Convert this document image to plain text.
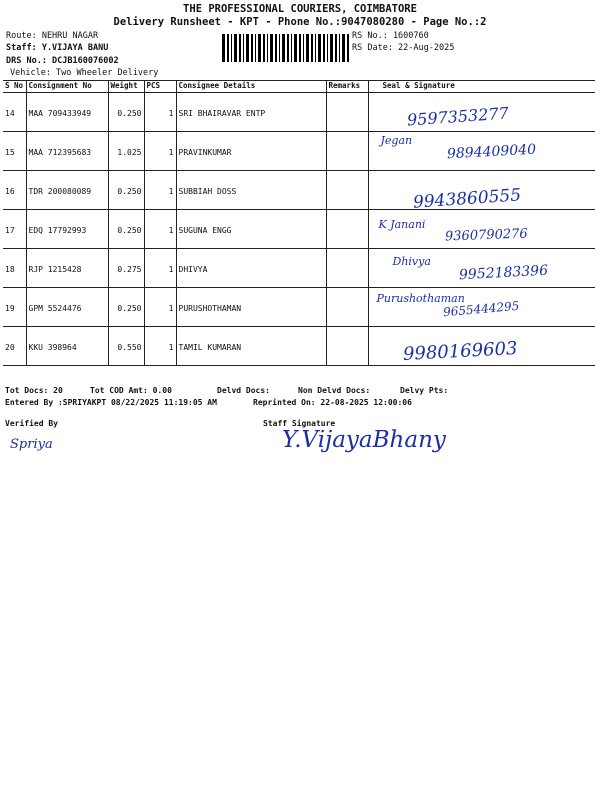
THE PROFESSIONAL COURIERS, COIMBATORE
Delivery Runsheet - KPT - Phone No.:9047080280 - Page No.:2
Route: NEHRU NAGAR
Staff: Y.VIJAYA BANU
DRS No.: DCJB160076002
Vehicle: Two Wheeler Delivery
RS No.: 1600760
RS Date: 22-Aug-2025
S No	Consignment No	Weight	PCS	Consignee Details	Remarks	Seal & Signature
14	MAA 709433949	0.250	1	SRI BHAIRAVAR ENTP		9597353277

15	MAA 712395683	1.025	1	PRAVINKUMAR		Jegan
9894409040

16	TDR 200080089	0.250	1	SUBBIAH DOSS		9943860555

17	EDQ 17792993	0.250	1	SUGUNA ENGG		K Janani
9360790276

18	RJP 1215428	0.275	1	DHIVYA		Dhivya
9952183396

19	GPM 5524476	0.250	1	PURUSHOTHAMAN		Purushothaman
9655444295

20	KKU 398964	0.550	1	TAMIL KUMARAN		9980169603
Tot Docs: 20	Tot COD Amt: 0.00	Delvd Docs:	Non Delvd Docs:	Delvy Pts:
Entered By :SPRIYAKPT 08/22/2025 11:19:05 AM	Reprinted On: 22-08-2025 12:00:06
Verified By	Staff Signature
Spriya	Y.VijayaBhany
